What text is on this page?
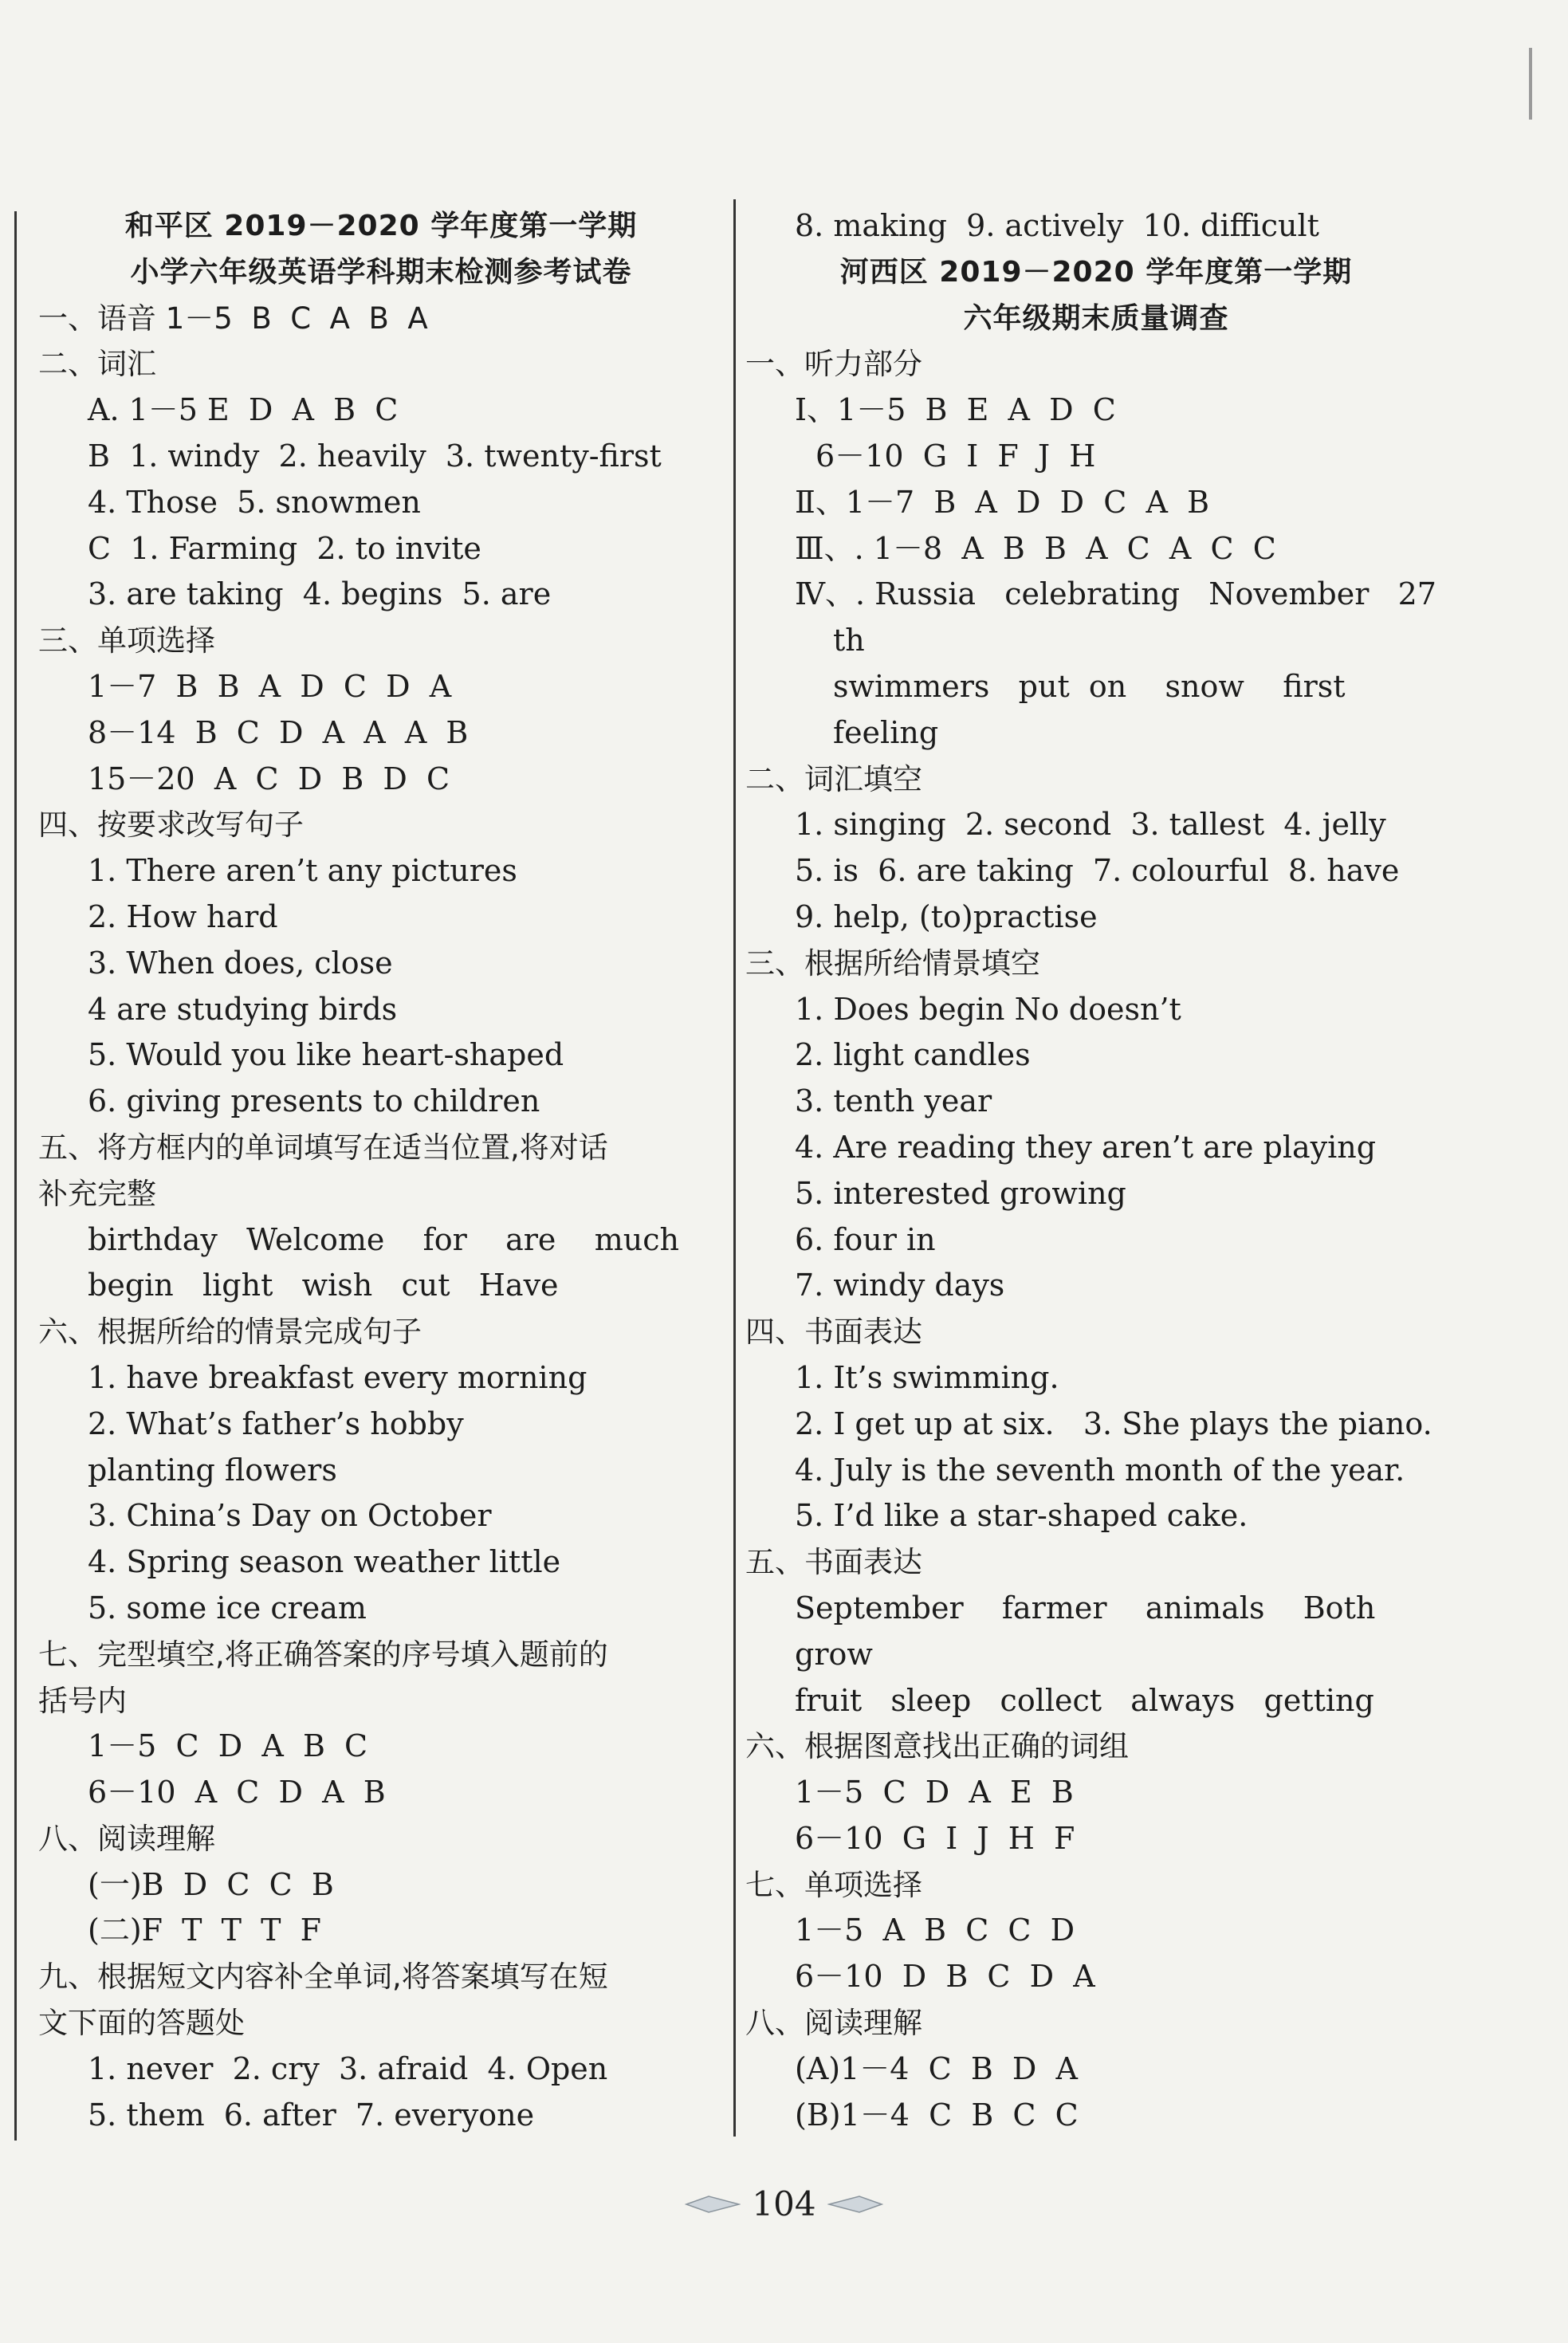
和平区 2019－2020 学年度第一学期
小学六年级英语学科期末检测参考试卷
一、语音 1－5  B  C  A  B  A
二、词汇
A. 1－5 E  D  A  B  C
B  1. windy  2. heavily  3. twenty-first
4. Those  5. snowmen
C  1. Farming  2. to invite
3. are taking  4. begins  5. are
三、单项选择
1－7  B  B  A  D  C  D  A
8－14  B  C  D  A  A  A  B
15－20  A  C  D  B  D  C
四、按要求改写句子
1. There aren’t any pictures
2. How hard
3. When does, close
4 are studying birds
5. Would you like heart-shaped
6. giving presents to children
五、将方框内的单词填写在适当位置,将对话
补充完整
birthday   Welcome    for    are    much
begin   light   wish   cut   Have
六、根据所给的情景完成句子
1. have breakfast every morning
2. What’s father’s hobby
planting flowers
3. China’s Day on October
4. Spring season weather little
5. some ice cream
七、完型填空,将正确答案的序号填入题前的
括号内
1－5  C  D  A  B  C
6－10  A  C  D  A  B
八、阅读理解
(一)B  D  C  C  B
(二)F  T  T  T  F
九、根据短文内容补全单词,将答案填写在短
文下面的答题处
1. never  2. cry  3. afraid  4. Open
5. them  6. after  7. everyone
8. making  9. actively  10. difficult
河西区 2019－2020 学年度第一学期
六年级期末质量调查
一、听力部分
Ⅰ、1－5  B  E  A  D  C
6－10  G  I  F  J  H
Ⅱ、1－7  B  A  D  D  C  A  B
Ⅲ、. 1－8  A  B  B  A  C  A  C  C
Ⅳ、. Russia   celebrating   November   27
th
swimmers   put  on    snow    first
feeling
二、词汇填空
1. singing  2. second  3. tallest  4. jelly
5. is  6. are taking  7. colourful  8. have
9. help, (to)practise
三、根据所给情景填空
1. Does begin No doesn’t
2. light candles
3. tenth year
4. Are reading they aren’t are playing
5. interested growing
6. four in
7. windy days
四、书面表达
1. It’s swimming.
2. I get up at six.   3. She plays the piano.
4. July is the seventh month of the year.
5. I’d like a star-shaped cake.
五、书面表达
September    farmer    animals    Both
grow
fruit   sleep   collect   always   getting
六、根据图意找出正确的词组
1－5  C  D  A  E  B
6－10  G  I  J  H  F
七、单项选择
1－5  A  B  C  C  D
6－10  D  B  C  D  A
八、阅读理解
(A)1－4  C  B  D  A
(B)1－4  C  B  C  C
104
